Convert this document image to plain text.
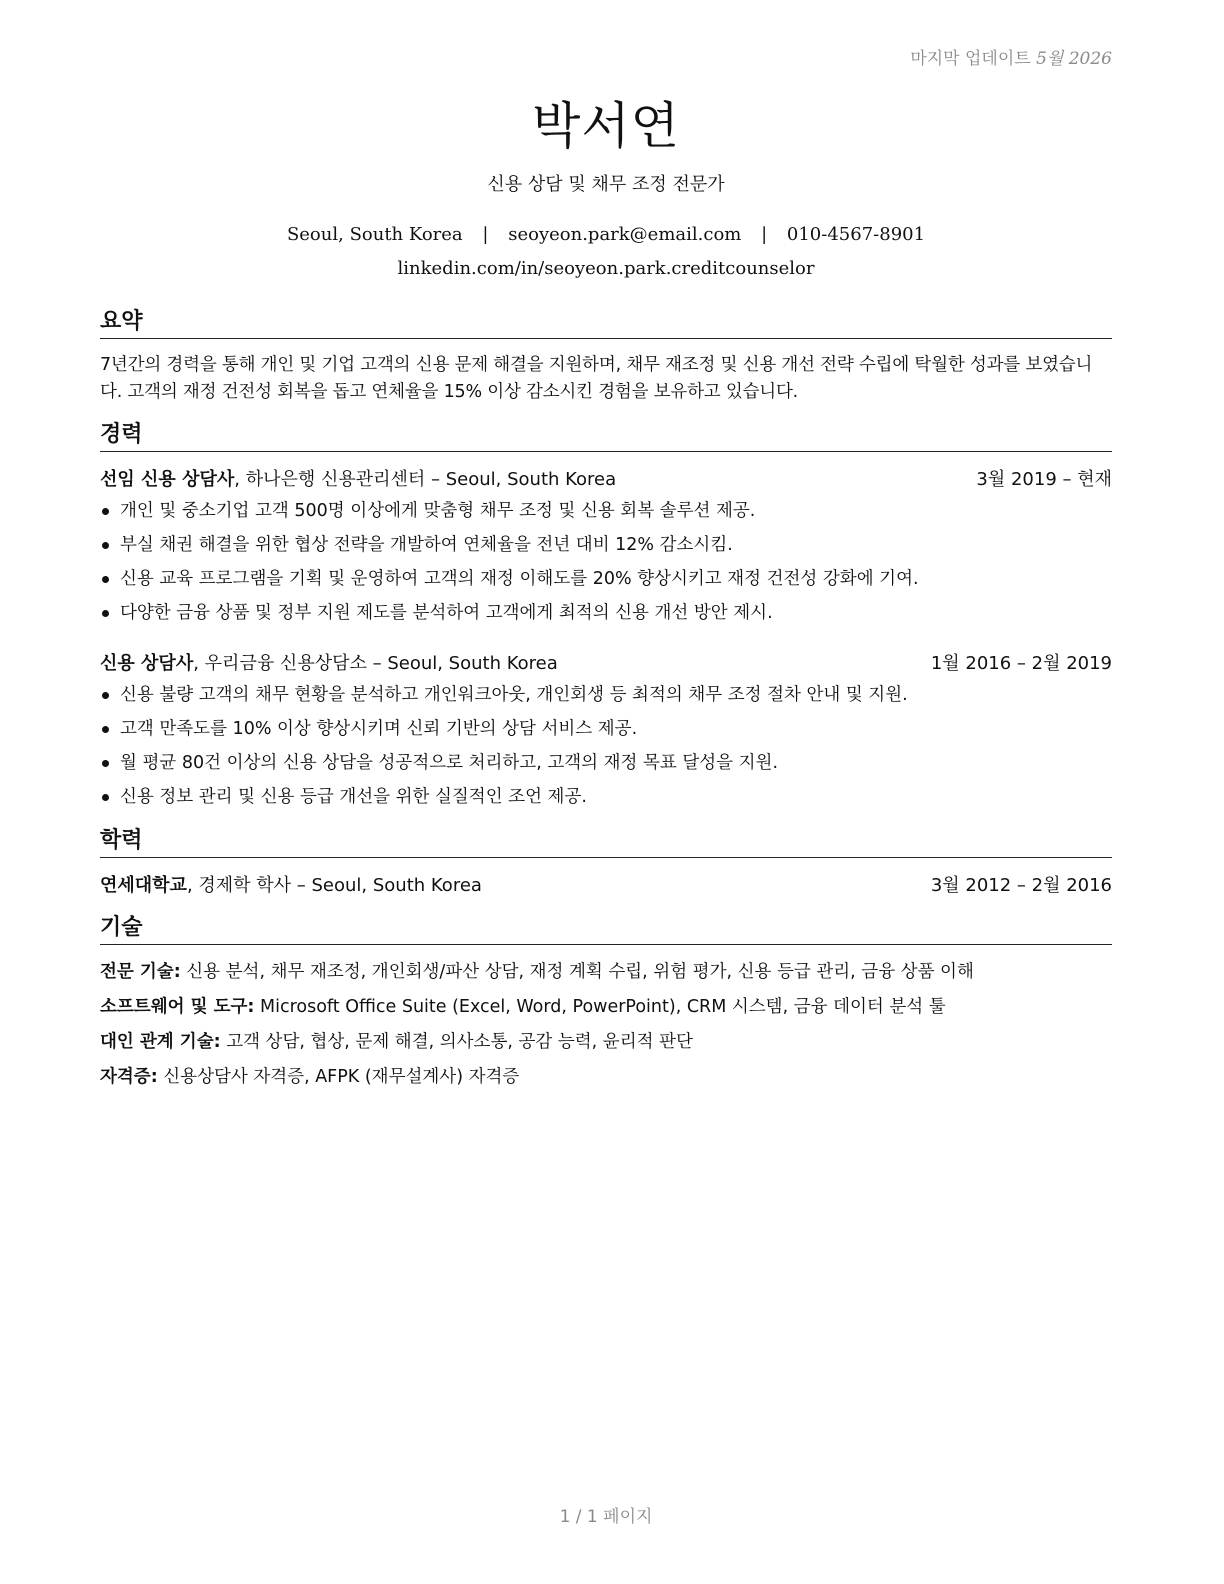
마지막 업데이트 5월 2026
박서연
신용 상담 및 채무 조정 전문가
Seoul, South Korea | seoyeon.park@email.com | 010-4567-8901
linkedin.com/in/seoyeon.park.creditcounselor
요약
7년간의 경력을 통해 개인 및 기업 고객의 신용 문제 해결을 지원하며, 채무 재조정 및 신용 개선 전략 수립에 탁월한 성과를 보였습니다. 고객의 재정 건전성 회복을 돕고 연체율을 15% 이상 감소시킨 경험을 보유하고 있습니다.
경력
선임 신용 상담사, 하나은행 신용관리센터 – Seoul, South Korea	3월 2019 – 현재
개인 및 중소기업 고객 500명 이상에게 맞춤형 채무 조정 및 신용 회복 솔루션 제공.
부실 채권 해결을 위한 협상 전략을 개발하여 연체율을 전년 대비 12% 감소시킴.
신용 교육 프로그램을 기획 및 운영하여 고객의 재정 이해도를 20% 향상시키고 재정 건전성 강화에 기여.
다양한 금융 상품 및 정부 지원 제도를 분석하여 고객에게 최적의 신용 개선 방안 제시.
신용 상담사, 우리금융 신용상담소 – Seoul, South Korea	1월 2016 – 2월 2019
신용 불량 고객의 채무 현황을 분석하고 개인워크아웃, 개인회생 등 최적의 채무 조정 절차 안내 및 지원.
고객 만족도를 10% 이상 향상시키며 신뢰 기반의 상담 서비스 제공.
월 평균 80건 이상의 신용 상담을 성공적으로 처리하고, 고객의 재정 목표 달성을 지원.
신용 정보 관리 및 신용 등급 개선을 위한 실질적인 조언 제공.
학력
연세대학교, 경제학 학사 – Seoul, South Korea	3월 2012 – 2월 2016
기술
전문 기술: 신용 분석, 채무 재조정, 개인회생/파산 상담, 재정 계획 수립, 위험 평가, 신용 등급 관리, 금융 상품 이해
소프트웨어 및 도구: Microsoft Office Suite (Excel, Word, PowerPoint), CRM 시스템, 금융 데이터 분석 툴
대인 관계 기술: 고객 상담, 협상, 문제 해결, 의사소통, 공감 능력, 윤리적 판단
자격증: 신용상담사 자격증, AFPK (재무설계사) 자격증
1 / 1 페이지
